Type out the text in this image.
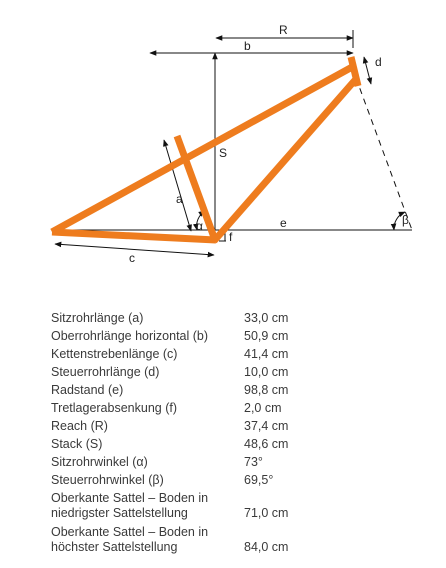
R
b
S
d
a
e	β
α
f
c
Sitzrohrlänge (a)	33,0 cm

Oberrohrlänge horizontal (b)	50,9 cm

Kettenstrebenlänge (c)	41,4 cm

Steuerrohrlänge (d)	10,0 cm

Radstand (e)	98,8 cm

Tretlagerabsenkung (f)	2,0 cm

Reach (R)	37,4 cm

Stack (S)	48,6 cm

Sitzrohrwinkel (α)	73°

Steuerrohrwinkel (β)	69,5°

Oberkante Sattel – Boden in
niedrigster Sattelstellung	71,0 cm

Oberkante Sattel – Boden in
höchster Sattelstellung	84,0 cm
